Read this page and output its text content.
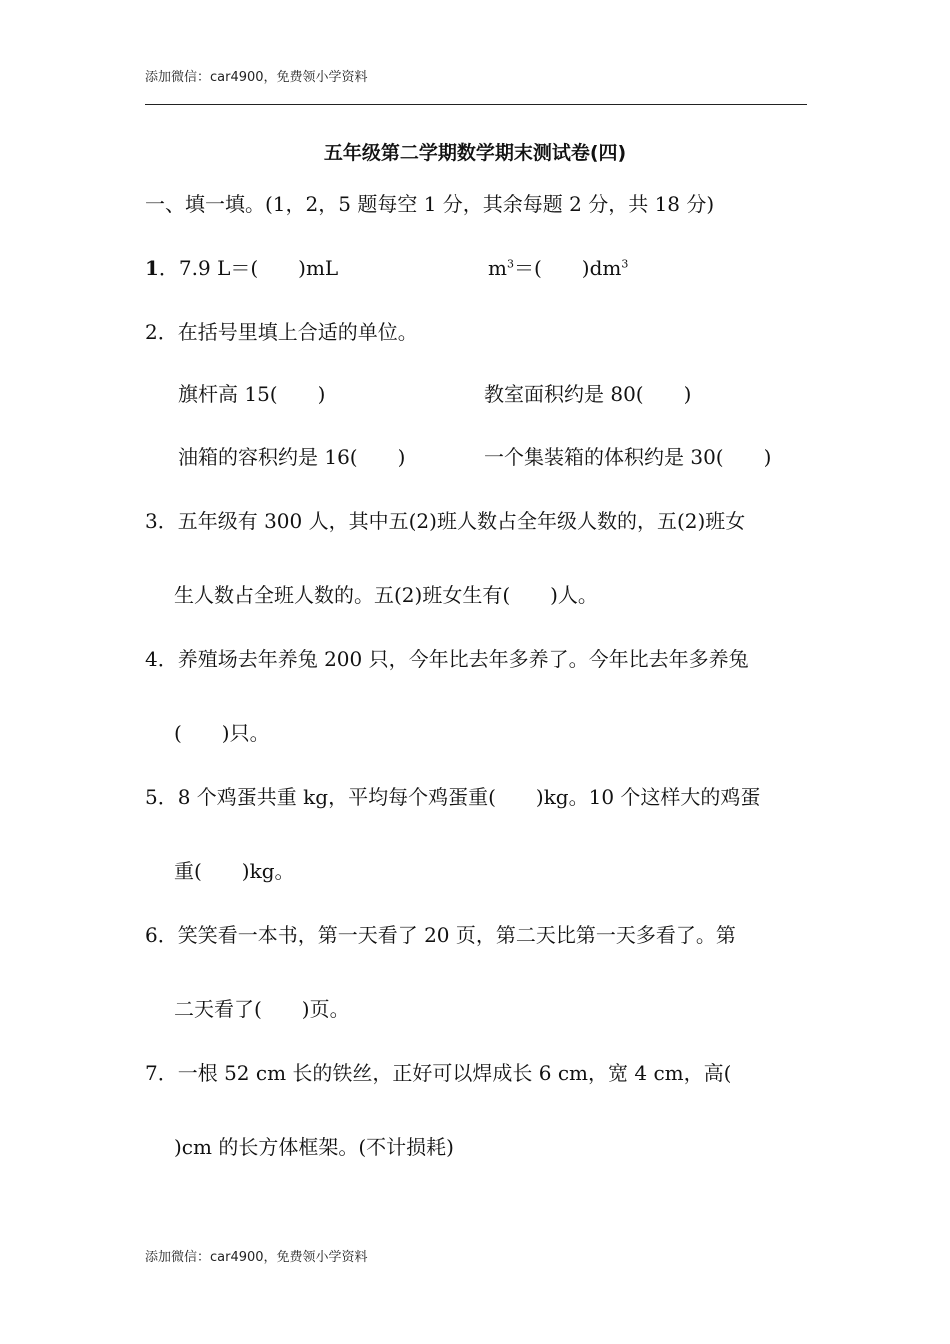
添加微信：car4900，免费领小学资料
五年级第二学期数学期末测试卷(四)
一、填一填。(1，2，5 题每空 1 分，其余每题 2 分，共 18 分)
1．7.9 L＝(　　)mL	$m^3=$(　　)$dm^3$
2．在括号里填上合适的单位。
旗杆高 15(　　)	教室面积约是 80(　　)
油箱的容积约是 16(　　)	一个集装箱的体积约是 30(　　)
3．五年级有 300 人，其中五(2)班人数占全年级人数的，五(2)班女
生人数占全班人数的。五(2)班女生有(　　)人。
4．养殖场去年养兔 200 只，今年比去年多养了。今年比去年多养兔
(　　)只。
5．8 个鸡蛋共重 kg，平均每个鸡蛋重(　　)kg。10 个这样大的鸡蛋
重(　　)kg。
6．笑笑看一本书，第一天看了 20 页，第二天比第一天多看了。第
二天看了(　　)页。
7．一根 52 cm 长的铁丝，正好可以焊成长 6 cm，宽 4 cm，高(
)cm 的长方体框架。(不计损耗)
添加微信：car4900，免费领小学资料
